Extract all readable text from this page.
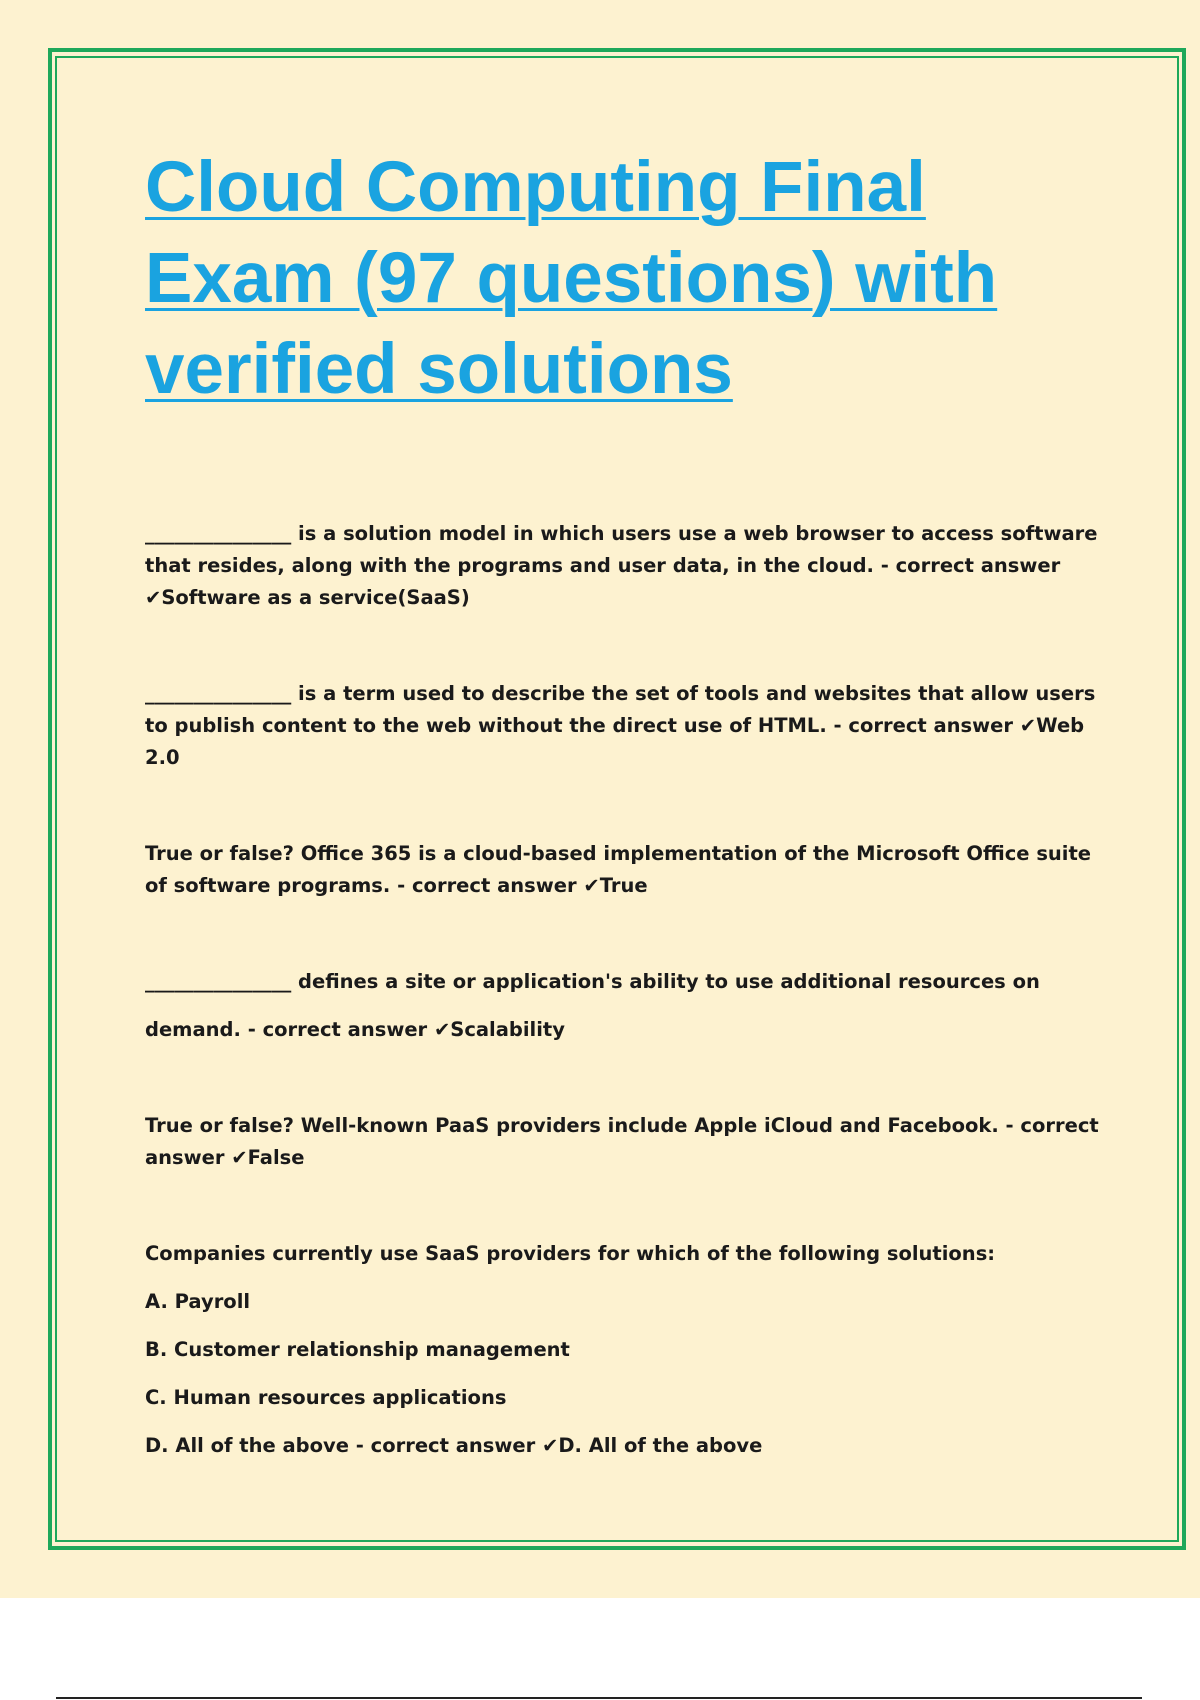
Cloud Computing Final Exam (97 questions) with verified solutions

_______________ is a solution model in which users use a web browser to access software that resides, along with the programs and user data, in the cloud. - correct answer ✔Software as a service(SaaS)

_______________ is a term used to describe the set of tools and websites that allow users to publish content to the web without the direct use of HTML. - correct answer ✔Web 2.0

True or false? Office 365 is a cloud-based implementation of the Microsoft Office suite of software programs. - correct answer ✔True

_______________ defines a site or application's ability to use additional resources on
demand. - correct answer ✔Scalability

True or false? Well-known PaaS providers include Apple iCloud and Facebook. - correct answer ✔False

Companies currently use SaaS providers for which of the following solutions:

A. Payroll

B. Customer relationship management

C. Human resources applications

D. All of the above - correct answer ✔D. All of the above
